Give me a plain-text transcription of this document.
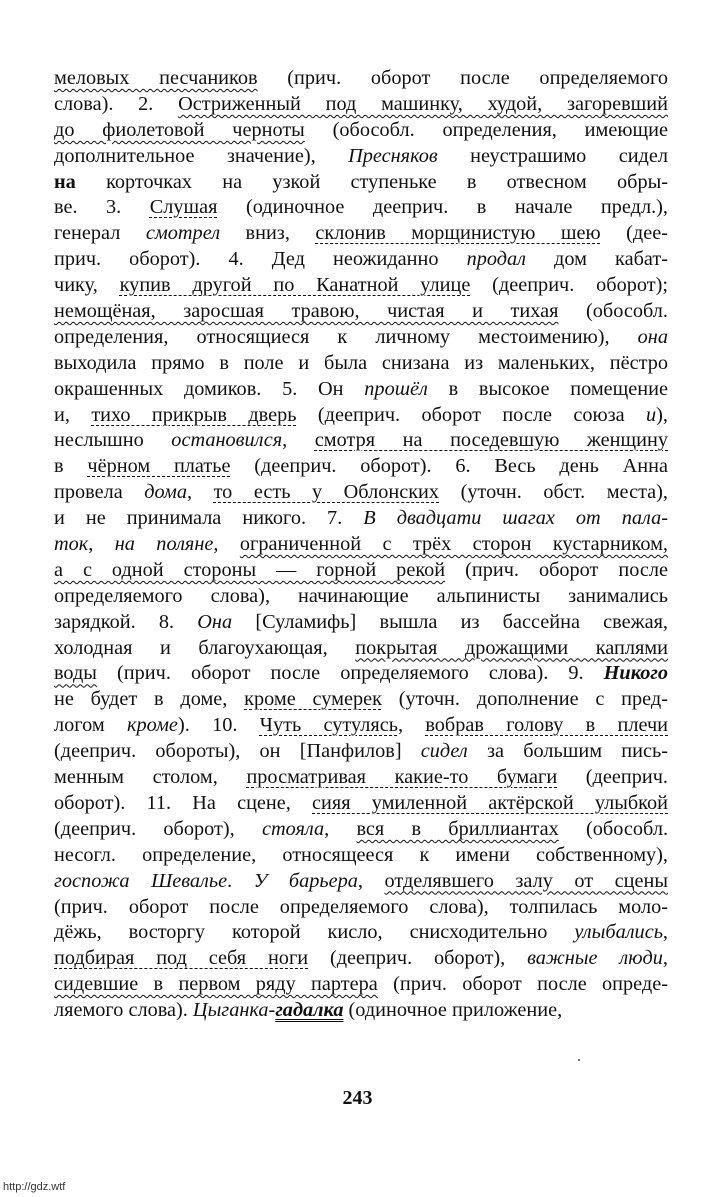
меловых песчаников (прич. оборот после определяемого
слова). 2. Остриженный под машинку, худой, загоревший
до фиолетовой черноты (обособл. определения, имеющие
дополнительное значение), Пресняков неустрашимо сидел
на корточках на узкой ступеньке в отвесном обры-
ве. 3. Слушая (одиночное дееприч. в начале предл.),
генерал смотрел вниз, склонив морщинистую шею (дее-
прич. оборот). 4. Дед неожиданно продал дом кабат-
чику, купив другой по Канатной улице (дееприч. оборот);
немощёная, заросшая травою, чистая и тихая (обособл.
определения, относящиеся к личному местоимению), она
выходила прямо в поле и была снизана из маленьких, пёстро
окрашенных домиков. 5. Он прошёл в высокое помещение
и, тихо прикрыв дверь (дееприч. оборот после союза и),
неслышно остановился, смотря на поседевшую женщину
в чёрном платье (дееприч. оборот). 6. Весь день Анна
провела дома, то есть у Облонских (уточн. обст. места),
и не принимала никого. 7. В двадцати шагах от пала-
ток, на поляне, ограниченной с трёх сторон кустарником,
а с одной стороны — горной рекой (прич. оборот после
определяемого слова), начинающие альпинисты занимались
зарядкой. 8. Она [Суламифь] вышла из бассейна свежая,
холодная и благоухающая, покрытая дрожащими каплями
воды (прич. оборот после определяемого слова). 9. Никого
не будет в доме, кроме сумерек (уточн. дополнение с пред-
логом кроме). 10. Чуть сутулясь, вобрав голову в плечи
(дееприч. обороты), он [Панфилов] сидел за большим пись-
менным столом, просматривая какие-то бумаги (дееприч.
оборот). 11. На сцене, сияя умиленной актёрской улыбкой
(дееприч. оборот), стояла, вся в бриллиантах (обособл.
несогл. определение, относящееся к имени собственному),
госпожа Шевалье. У барьера, отделявшего залу от сцены
(прич. оборот после определяемого слова), толпилась моло-
дёжь, восторгу которой кисло, снисходительно улыбались,
подбирая под себя ноги (дееприч. оборот), важные люди,
сидевшие в первом ряду партера (прич. оборот после опреде-
ляемого слова). Цыганка-гадалка (одиночное приложение,
243
http://gdz.wtf
